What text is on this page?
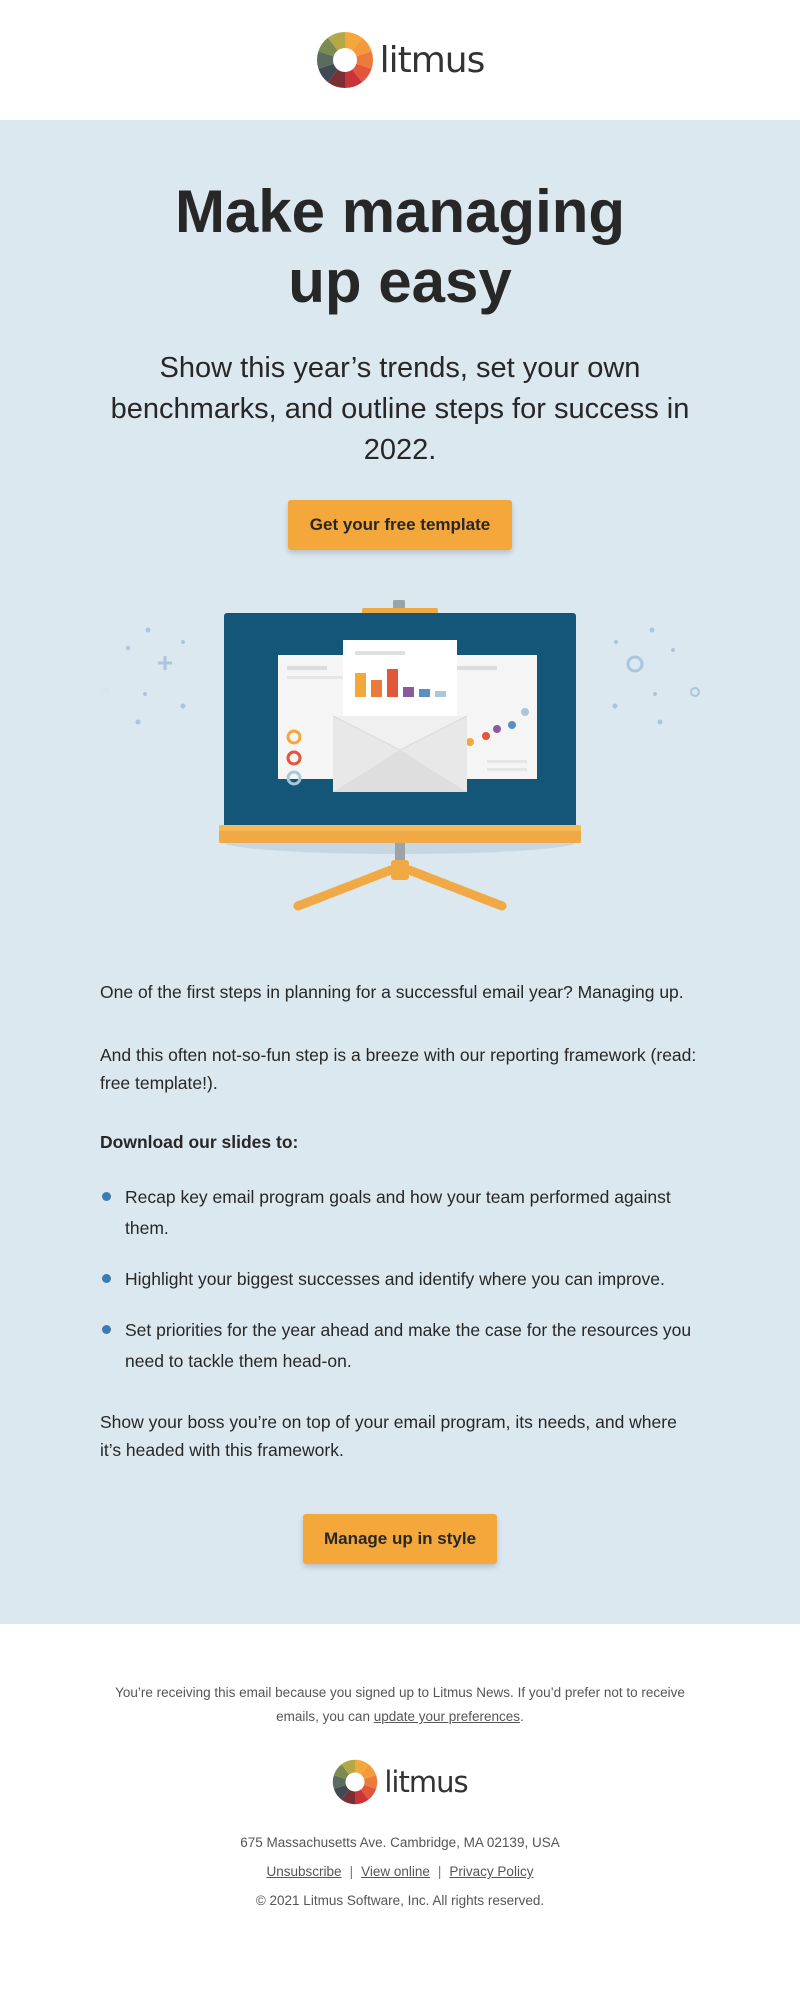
litmus
Make managing
up easy
Show this year’s trends, set your own benchmarks, and outline steps for success in 2022.
Get your free template
One of the first steps in planning for a successful email year? Managing up.
And this often not-so-fun step is a breeze with our reporting framework (read: free template!).
Download our slides to:
Recap key email program goals and how your team performed against them.
Highlight your biggest successes and identify where you can improve.
Set priorities for the year ahead and make the case for the resources you need to tackle them head-on.
Show your boss you’re on top of your email program, its needs, and where it’s headed with this framework.
Manage up in style
You’re receiving this email because you signed up to Litmus News. If you’d prefer not to receive emails, you can update your preferences.
litmus
675 Massachusetts Ave. Cambridge, MA 02139, USA
Unsubscribe | View online | Privacy Policy
© 2021 Litmus Software, Inc. All rights reserved.
